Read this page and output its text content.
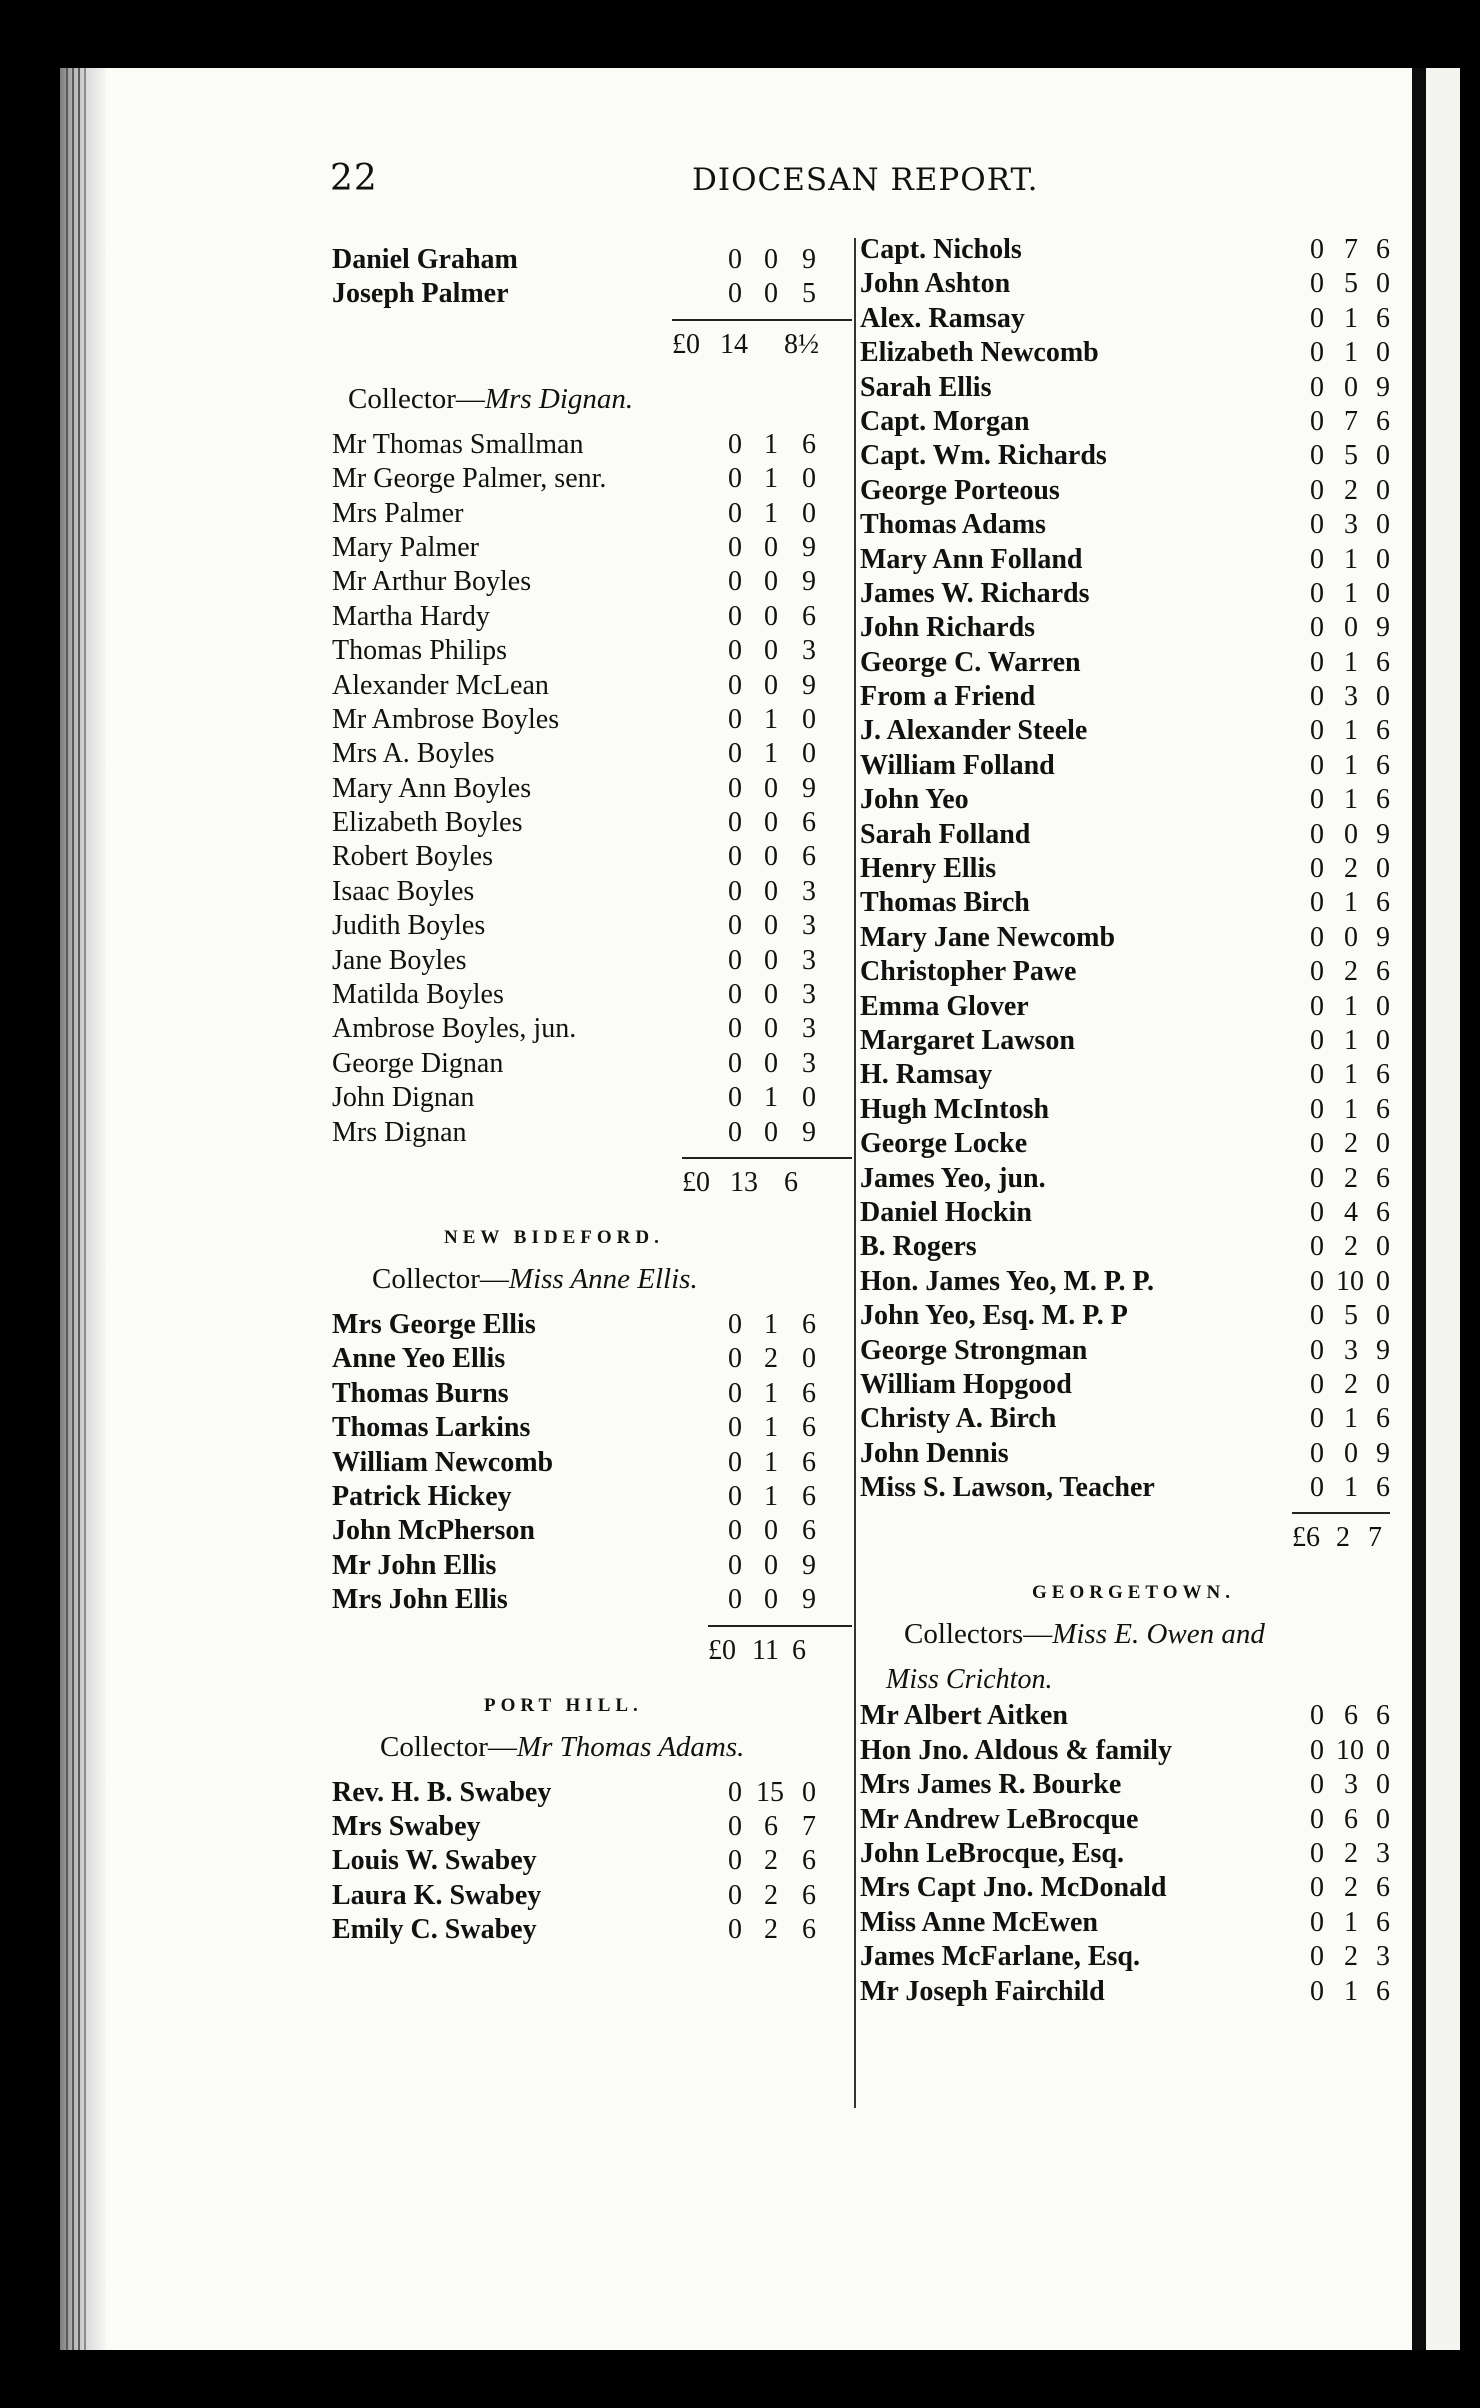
22	DIOCESAN REPORT.
Daniel Graham	0 0 9
Joseph Palmer	0 0 5
£0 14 8½
Collector—Mrs Dignan.
Mr Thomas Smallman	0 1 6
Mr George Palmer, senr.	0 1 0
Mrs Palmer	0 1 0
Mary Palmer	0 0 9
Mr Arthur Boyles	0 0 9
Martha Hardy	0 0 6
Thomas Philips	0 0 3
Alexander McLean	0 0 9
Mr Ambrose Boyles	0 1 0
Mrs A. Boyles	0 1 0
Mary Ann Boyles	0 0 9
Elizabeth Boyles	0 0 6
Robert Boyles	0 0 6
Isaac Boyles	0 0 3
Judith Boyles	0 0 3
Jane Boyles	0 0 3
Matilda Boyles	0 0 3
Ambrose Boyles, jun.	0 0 3
George Dignan	0 0 3
John Dignan	0 1 0
Mrs Dignan	0 0 9
£0 13 6
NEW BIDEFORD.
Collector—Miss Anne Ellis.
Mrs George Ellis	0 1 6
Anne Yeo Ellis	0 2 0
Thomas Burns	0 1 6
Thomas Larkins	0 1 6
William Newcomb	0 1 6
Patrick Hickey	0 1 6
John McPherson	0 0 6
Mr John Ellis	0 0 9
Mrs John Ellis	0 0 9
£0 11 6
PORT HILL.
Collector—Mr Thomas Adams.
Rev. H. B. Swabey	0 15 0
Mrs Swabey	0 6 7
Louis W. Swabey	0 2 6
Laura K. Swabey	0 2 6
Emily C. Swabey	0 2 6
Capt. Nichols	0 7 6
John Ashton	0 5 0
Alex. Ramsay	0 1 6
Elizabeth Newcomb	0 1 0
Sarah Ellis	0 0 9
Capt. Morgan	0 7 6
Capt. Wm. Richards	0 5 0
George Porteous	0 2 0
Thomas Adams	0 3 0
Mary Ann Folland	0 1 0
James W. Richards	0 1 0
John Richards	0 0 9
George C. Warren	0 1 6
From a Friend	0 3 0
J. Alexander Steele	0 1 6
William Folland	0 1 6
John Yeo	0 1 6
Sarah Folland	0 0 9
Henry Ellis	0 2 0
Thomas Birch	0 1 6
Mary Jane Newcomb	0 0 9
Christopher Pawe	0 2 6
Emma Glover	0 1 0
Margaret Lawson	0 1 0
H. Ramsay	0 1 6
Hugh McIntosh	0 1 6
George Locke	0 2 0
James Yeo, jun.	0 2 6
Daniel Hockin	0 4 6
B. Rogers	0 2 0
Hon. James Yeo, M. P. P.	0 10 0
John Yeo, Esq. M. P. P	0 5 0
George Strongman	0 3 9
William Hopgood	0 2 0
Christy A. Birch	0 1 6
John Dennis	0 0 9
Miss S. Lawson, Teacher	0 1 6
£6 2 7
GEORGETOWN.
Collectors—Miss E. Owen and
Miss Crichton.
Mr Albert Aitken	0 6 6
Hon Jno. Aldous & family	0 10 0
Mrs James R. Bourke	0 3 0
Mr Andrew LeBrocque	0 6 0
John LeBrocque, Esq.	0 2 3
Mrs Capt Jno. McDonald	0 2 6
Miss Anne McEwen	0 1 6
James McFarlane, Esq.	0 2 3
Mr Joseph Fairchild	0 1 6
